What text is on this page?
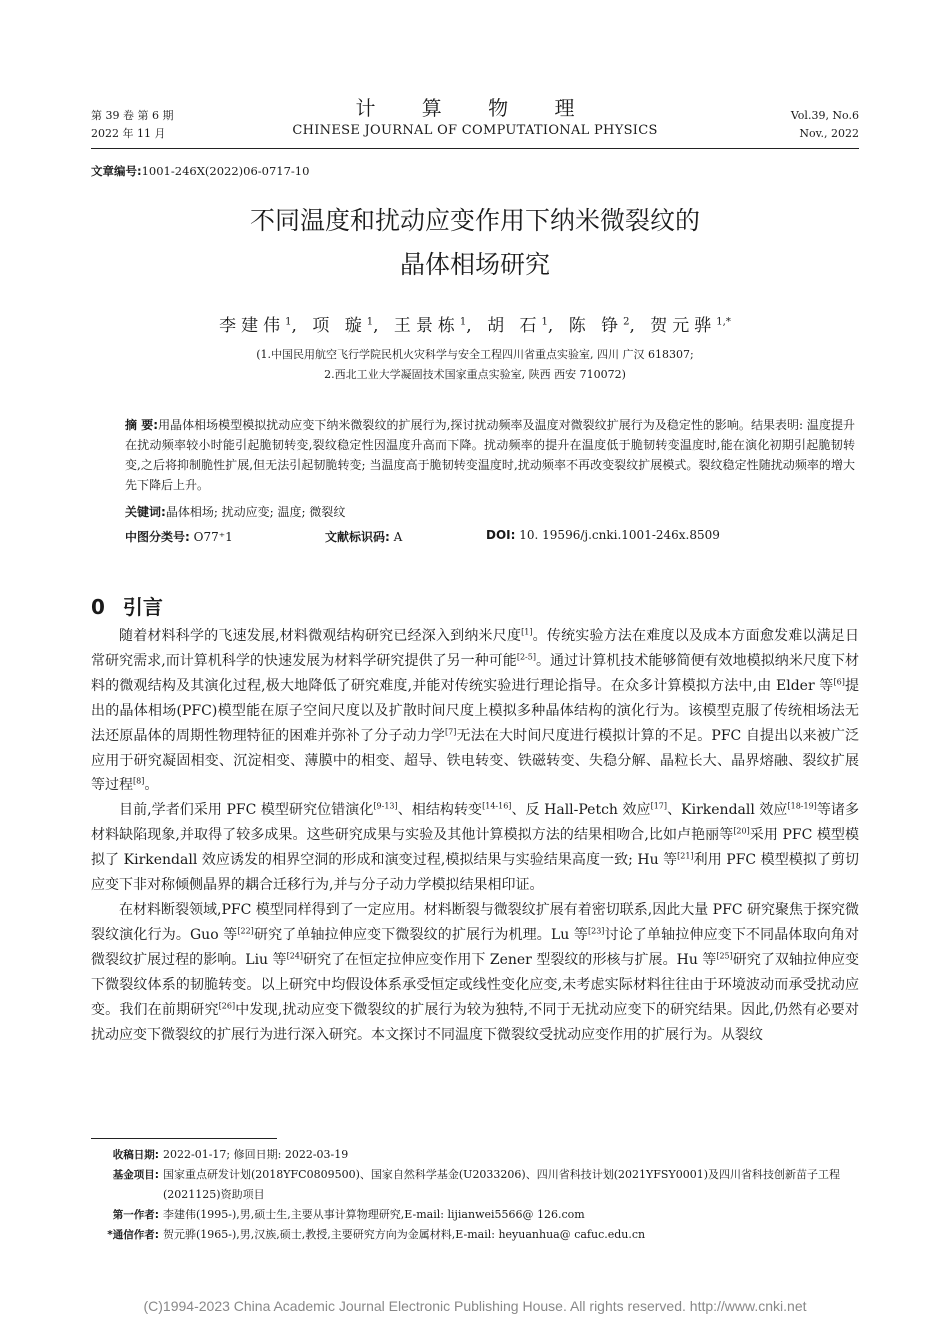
第 39 卷 第 6 期
2022 年 11 月
计 算 物 理
CHINESE JOURNAL OF COMPUTATIONAL PHYSICS
Vol.39, No.6
Nov., 2022
文章编号:1001-246X(2022)06-0717-10
不同温度和扰动应变作用下纳米微裂纹的
晶体相场研究
李建伟$^1$, 项 璇$^1$, 王景栋$^1$, 胡 石$^1$, 陈 铮$^2$, 贺元骅$^{1,*}$
(1.中国民用航空飞行学院民机火灾科学与安全工程四川省重点实验室, 四川 广汉 618307;
2.西北工业大学凝固技术国家重点实验室, 陕西 西安 710072)
摘 要:用晶体相场模型模拟扰动应变下纳米微裂纹的扩展行为,探讨扰动频率及温度对微裂纹扩展行为及稳定性的影响。结果表明: 温度提升在扰动频率较小时能引起脆韧转变,裂纹稳定性因温度升高而下降。扰动频率的提升在温度低于脆韧转变温度时,能在演化初期引起脆韧转变,之后将抑制脆性扩展,但无法引起韧脆转变; 当温度高于脆韧转变温度时,扰动频率不再改变裂纹扩展模式。裂纹稳定性随扰动频率的增大先下降后上升。
关键词:晶体相场; 扰动应变; 温度; 微裂纹
中图分类号: O77⁺1	文献标识码: A	DOI: 10. 19596/j.cnki.1001-246x.8509
0 引言

随着材料科学的飞速发展,材料微观结构研究已经深入到纳米尺度[1]。传统实验方法在难度以及成本方面愈发难以满足日常研究需求,而计算机科学的快速发展为材料学研究提供了另一种可能[2-5]。通过计算机技术能够简便有效地模拟纳米尺度下材料的微观结构及其演化过程,极大地降低了研究难度,并能对传统实验进行理论指导。在众多计算模拟方法中,由 Elder 等[6]提出的晶体相场(PFC)模型能在原子空间尺度以及扩散时间尺度上模拟多种晶体结构的演化行为。该模型克服了传统相场法无法还原晶体的周期性物理特征的困难并弥补了分子动力学[7]无法在大时间尺度进行模拟计算的不足。PFC 自提出以来被广泛应用于研究凝固相变、沉淀相变、薄膜中的相变、超导、铁电转变、铁磁转变、失稳分解、晶粒长大、晶界熔融、裂纹扩展等过程[8]。

目前,学者们采用 PFC 模型研究位错演化[9-13]、相结构转变[14-16]、反 Hall-Petch 效应[17]、Kirkendall 效应[18-19]等诸多材料缺陷现象,并取得了较多成果。这些研究成果与实验及其他计算模拟方法的结果相吻合,比如卢艳丽等[20]采用 PFC 模型模拟了 Kirkendall 效应诱发的相界空洞的形成和演变过程,模拟结果与实验结果高度一致; Hu 等[21]利用 PFC 模型模拟了剪切应变下非对称倾侧晶界的耦合迁移行为,并与分子动力学模拟结果相印证。

在材料断裂领域,PFC 模型同样得到了一定应用。材料断裂与微裂纹扩展有着密切联系,因此大量 PFC 研究聚焦于探究微裂纹演化行为。Guo 等[22]研究了单轴拉伸应变下微裂纹的扩展行为机理。Lu 等[23]讨论了单轴拉伸应变下不同晶体取向角对微裂纹扩展过程的影响。Liu 等[24]研究了在恒定拉伸应变作用下 Zener 型裂纹的形核与扩展。Hu 等[25]研究了双轴拉伸应变下微裂纹体系的韧脆转变。以上研究中均假设体系承受恒定或线性变化应变,未考虑实际材料往往由于环境波动而承受扰动应变。我们在前期研究[26]中发现,扰动应变下微裂纹的扩展行为较为独特,不同于无扰动应变下的研究结果。因此,仍然有必要对扰动应变下微裂纹的扩展行为进行深入研究。本文探讨不同温度下微裂纹受扰动应变作用的扩展行为。从裂纹

收稿日期: 2022-01-17; 修回日期: 2022-03-19
基金项目: 国家重点研发计划(2018YFC0809500)、国家自然科学基金(U2033206)、四川省科技计划(2021YFSY0001)及四川省科技创新苗子工程(2021125)资助项目
第一作者: 李建伟(1995-),男,硕士生,主要从事计算物理研究,E-mail: lijianwei5566@ 126.com
*通信作者: 贺元骅(1965-),男,汉族,硕士,教授,主要研究方向为金属材料,E-mail: heyuanhua@ cafuc.edu.cn
(C)1994-2023 China Academic Journal Electronic Publishing House. All rights reserved. http://www.cnki.net
